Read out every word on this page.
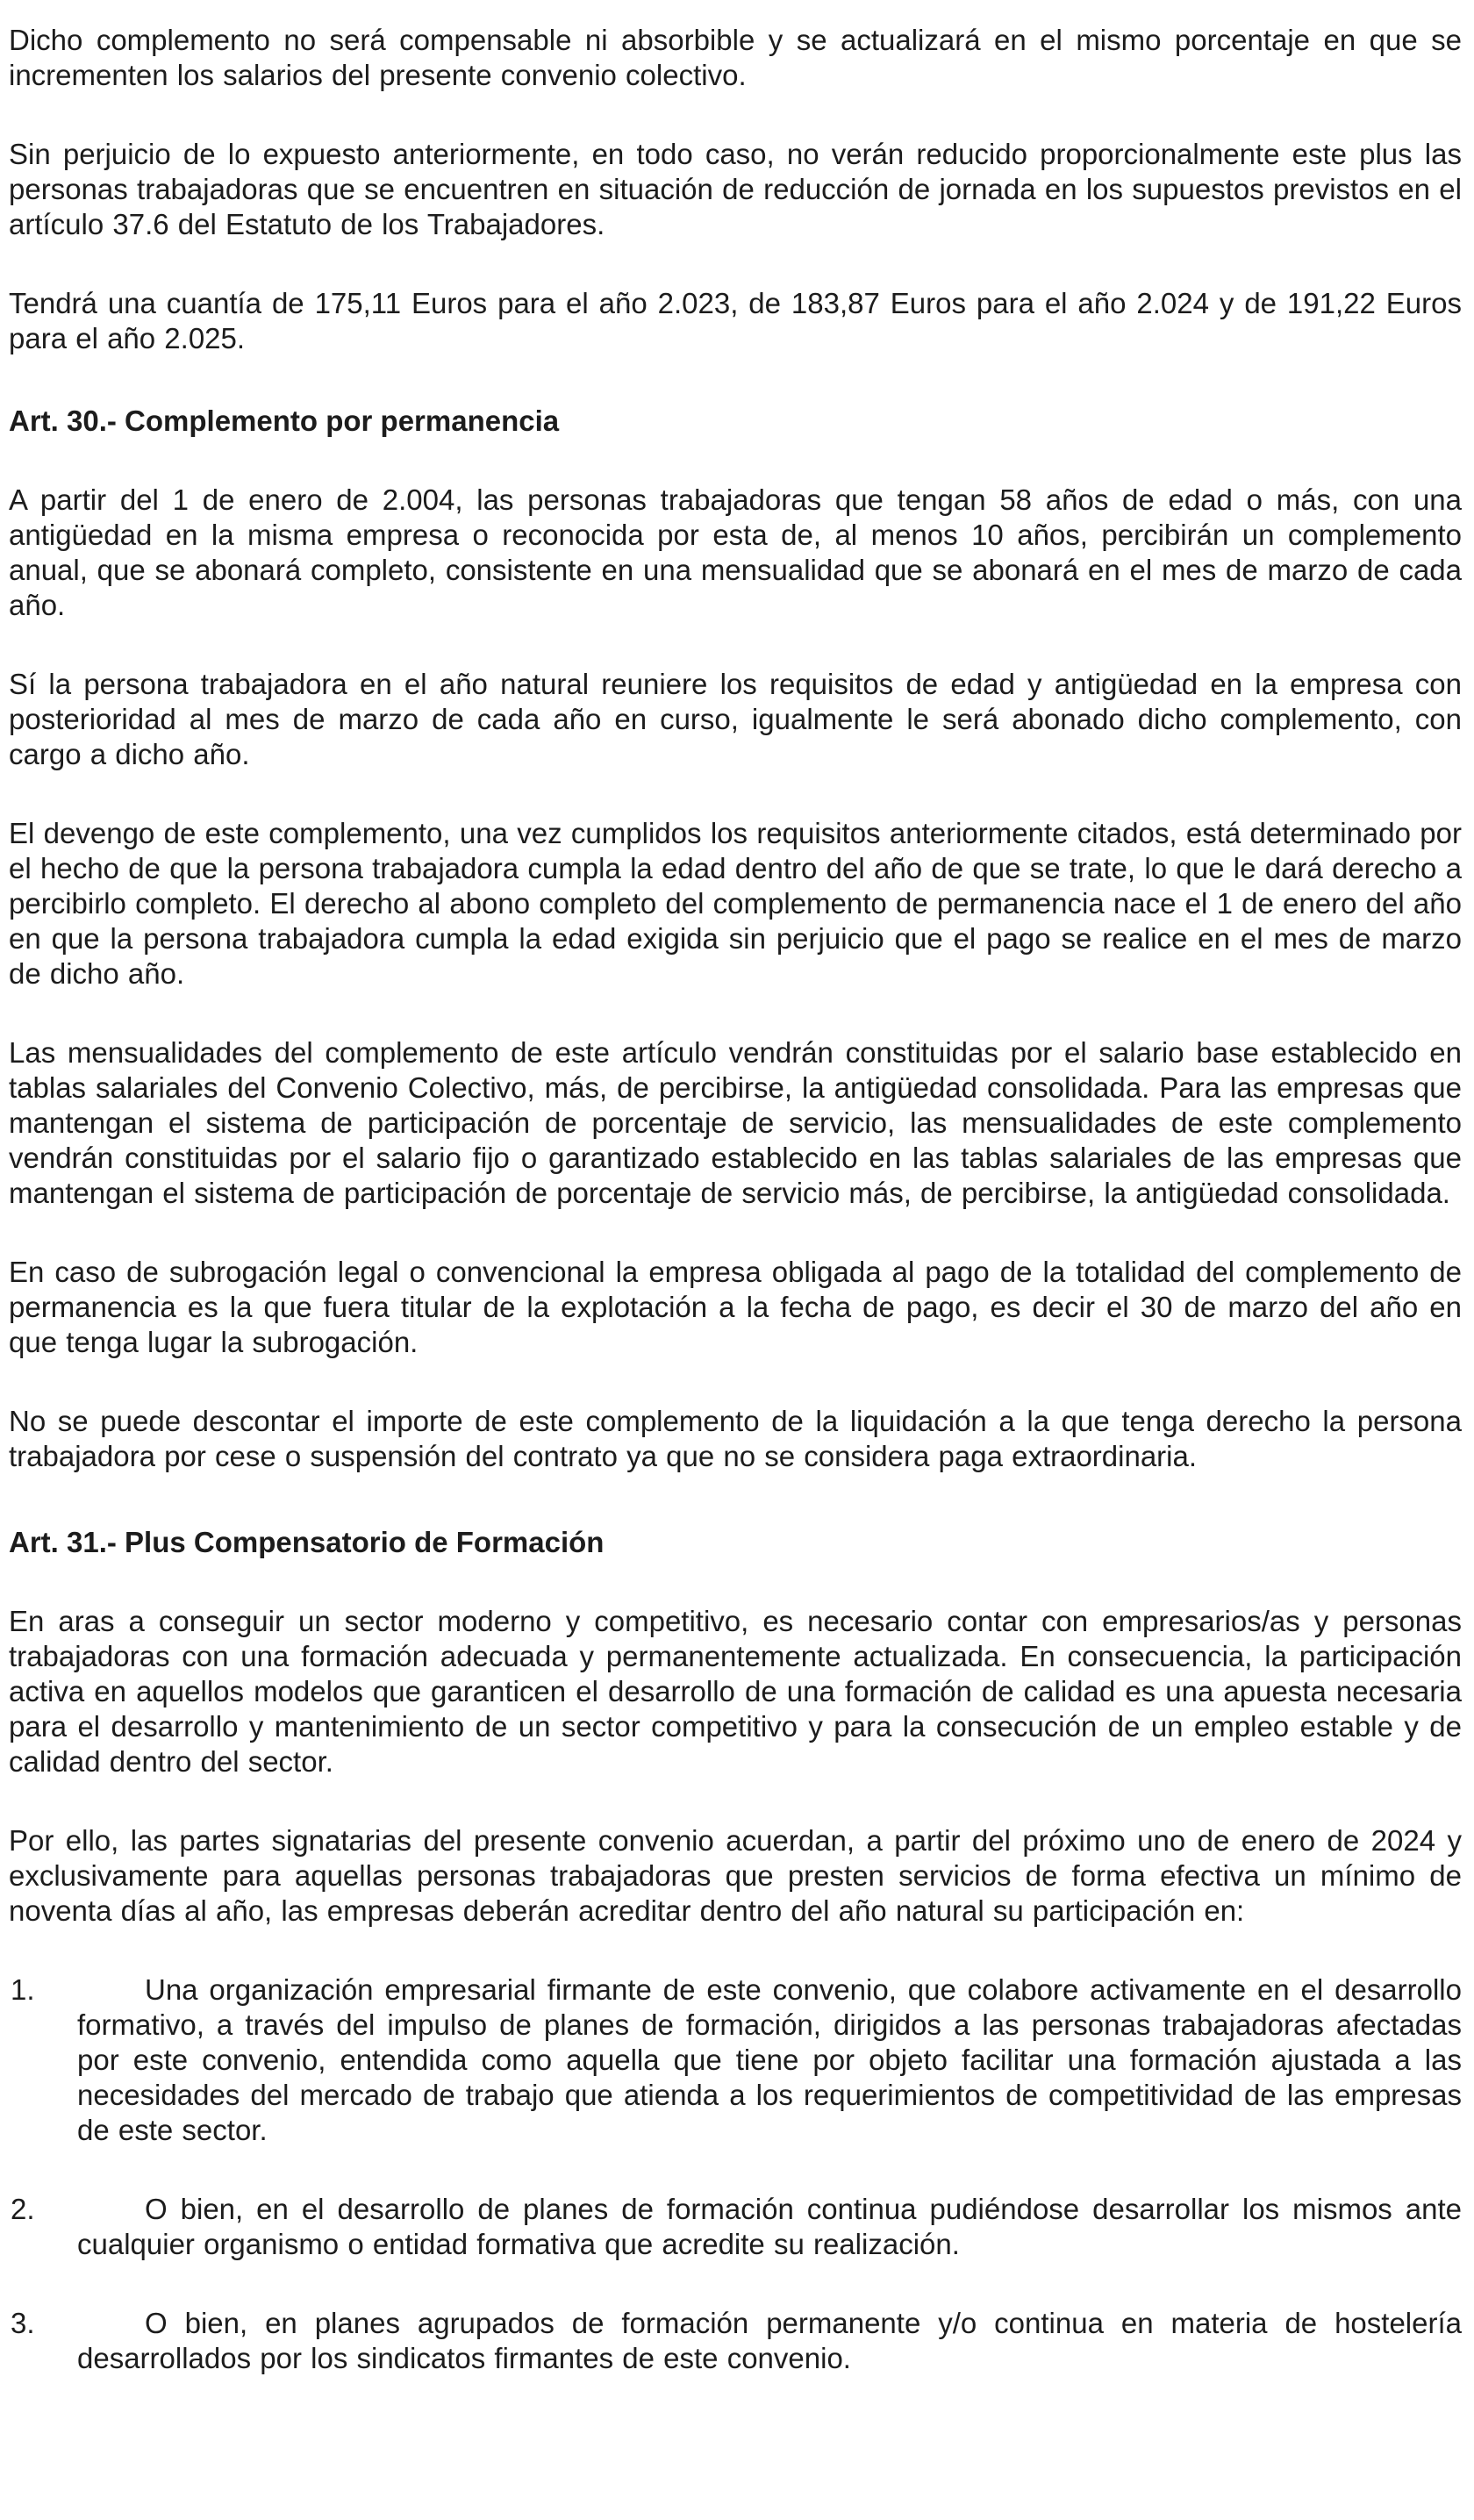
Dicho complemento no será compensable ni absorbible y se actualizará en el mismo porcentaje en que se incrementen los salarios del presente convenio colectivo.

Sin perjuicio de lo expuesto anteriormente, en todo caso, no verán reducido proporcionalmente este plus las personas trabajadoras que se encuentren en situación de reducción de jornada en los supuestos previstos en el artículo 37.6 del Estatuto de los Trabajadores.

Tendrá una cuantía de 175,11 Euros para el año 2.023, de 183,87 Euros para el año 2.024 y de 191,22 Euros para el año 2.025.

Art. 30.- Complemento por permanencia

A partir del 1 de enero de 2.004, las personas trabajadoras que tengan 58 años de edad o más, con una antigüedad en la misma empresa o reconocida por esta de, al menos 10 años, percibirán un complemento anual, que se abonará completo, consistente en una mensualidad que se abonará en el mes de marzo de cada año.

Sí la persona trabajadora en el año natural reuniere los requisitos de edad y antigüedad en la empresa con posterioridad al mes de marzo de cada año en curso, igualmente le será abonado dicho complemento, con cargo a dicho año.

El devengo de este complemento, una vez cumplidos los requisitos anteriormente citados, está determinado por el hecho de que la persona trabajadora cumpla la edad dentro del año de que se trate, lo que le dará derecho a percibirlo completo. El derecho al abono completo del complemento de permanencia nace el 1 de enero del año en que la persona trabajadora cumpla la edad exigida sin perjuicio que el pago se realice en el mes de marzo de dicho año.

Las mensualidades del complemento de este artículo vendrán constituidas por el salario base establecido en tablas salariales del Convenio Colectivo, más, de percibirse, la antigüedad consolidada. Para las empresas que mantengan el sistema de participación de porcentaje de servicio, las mensualidades de este complemento vendrán constituidas por el salario fijo o garantizado establecido en las tablas salariales de las empresas que mantengan el sistema de participación de porcentaje de servicio más, de percibirse, la antigüedad consolidada.

En caso de subrogación legal o convencional la empresa obligada al pago de la totalidad del complemento de permanencia es la que fuera titular de la explotación a la fecha de pago, es decir el 30 de marzo del año en que tenga lugar la subrogación.

No se puede descontar el importe de este complemento de la liquidación a la que tenga derecho la persona trabajadora por cese o suspensión del contrato ya que no se considera paga extraordinaria.

Art. 31.- Plus Compensatorio de Formación

En aras a conseguir un sector moderno y competitivo, es necesario contar con empresarios/as y personas trabajadoras con una formación adecuada y permanentemente actualizada. En consecuencia, la participación activa en aquellos modelos que garanticen el desarrollo de una formación de calidad es una apuesta necesaria para el desarrollo y mantenimiento de un sector competitivo y para la consecución de un empleo estable y de calidad dentro del sector.

Por ello, las partes signatarias del presente convenio acuerdan, a partir del próximo uno de enero de 2024 y exclusivamente para aquellas personas trabajadoras que presten servicios de forma efectiva un mínimo de noventa días al año, las empresas deberán acreditar dentro del año natural su participación en:

1.	Una organización empresarial firmante de este convenio, que colabore activamente en el desarrollo formativo, a través del impulso de planes de formación, dirigidos a las personas trabajadoras afectadas por este convenio, entendida como aquella que tiene por objeto facilitar una formación ajustada a las necesidades del mercado de trabajo que atienda a los requerimientos de competitividad de las empresas de este sector.

2.	O bien, en el desarrollo de planes de formación continua pudiéndose desarrollar los mismos ante cualquier organismo o entidad formativa que acredite su realización.

3.	O bien, en planes agrupados de formación permanente y/o continua en materia de hostelería desarrollados por los sindicatos firmantes de este convenio.
